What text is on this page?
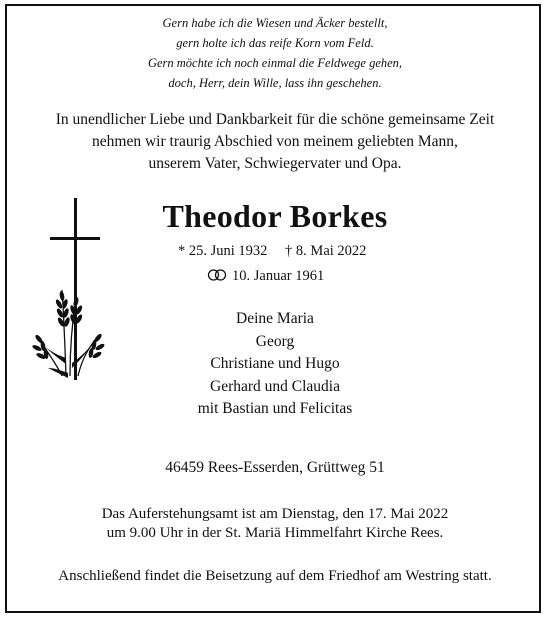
Gern habe ich die Wiesen und Äcker bestellt,
gern holte ich das reife Korn vom Feld.
Gern möchte ich noch einmal die Feldwege gehen,
doch, Herr, dein Wille, lass ihn geschehen.
In unendlicher Liebe und Dankbarkeit für die schöne gemeinsame Zeit
nehmen wir traurig Abschied von meinem geliebten Mann,
unserem Vater, Schwiegervater und Opa.
Theodor Borkes
* 25. Juni 1932 † 8. Mai 2022
10. Januar 1961
Deine Maria
Georg
Christiane und Hugo
Gerhard und Claudia
mit Bastian und Felicitas
46459 Rees-Esserden, Grüttweg 51
Das Auferstehungsamt ist am Dienstag, den 17. Mai 2022
um 9.00 Uhr in der St. Mariä Himmelfahrt Kirche Rees.
Anschließend findet die Beisetzung auf dem Friedhof am Westring statt.
